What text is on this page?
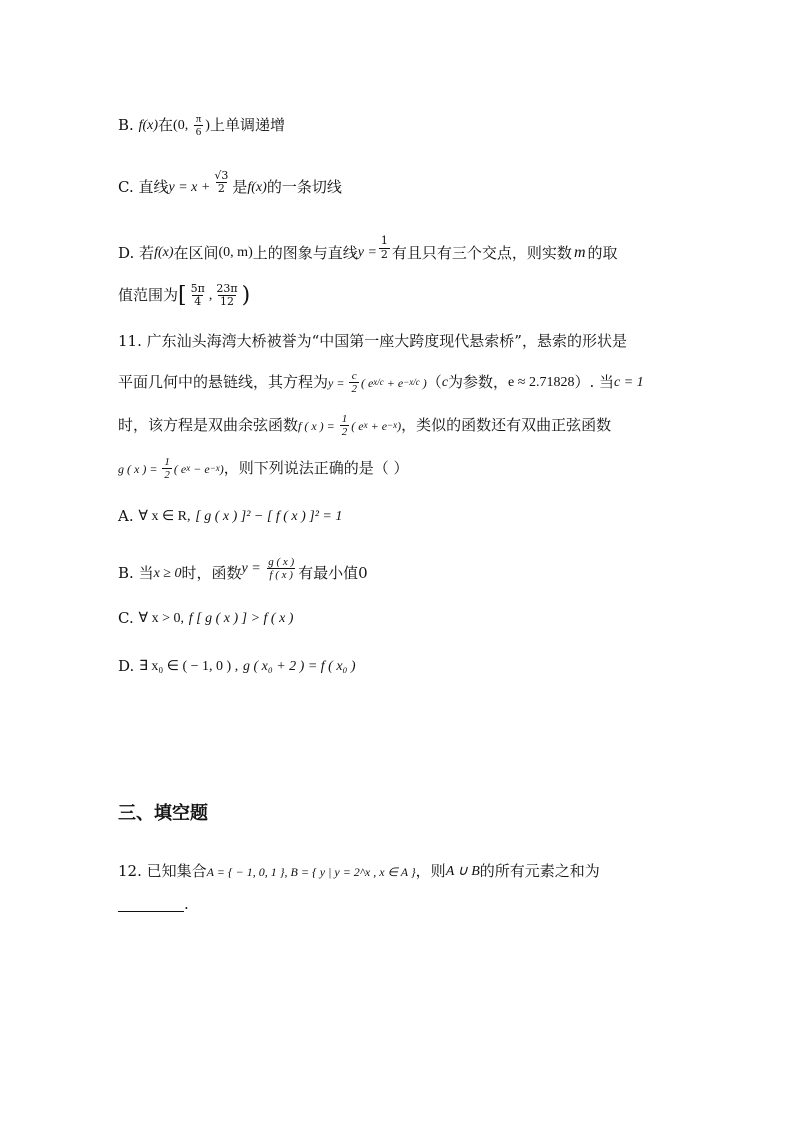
B.
f(x) 在 (0, $\frac{\pi}{6}$ ) 上单调递增
C.
直线 $y = x + \frac{√3}{2}$ 是 f(x) 的一条切线
D.
若 f(x) 在区间 (0, m) 上的图象与直线 $y = \frac{1}{2}$ 有且只有三个交点，则实数 m 的取
值范围为 [ $\frac{5\pi}{4}$ , $\frac{23\pi}{12}$ )
11. 广东汕头海湾大桥被誉为“中国第一座大跨度现代悬索桥”，悬索的形状是
平面几何中的悬链线，其方程为 $y = \frac{c}{2}$ ( e x/c + e −x/c ) （ c 为参数， e ≈ 2.71828 ）. 当 c = 1
时，该方程是双曲余弦函数 f ( x ) = $\frac{1}{2}$ ( e x + e −x ) ，类似的函数还有双曲正弦函数
g ( x ) = $\frac{1}{2}$ ( e x − e −x ) ，则下列说法正确的是（ ）
A.
∀ x ∈ R,
[ g ( x ) ]² − [ f ( x ) ]² = 1
B.
当 x ≥ 0 时，函数 $y = \frac{g ( x )}{f ( x )}$ 有最小值0
C.
∀ x > 0,
f [ g ( x ) ] > f ( x )
D.
∃ x₀ ∈ ( − 1, 0 ) ,
g ( x₀ + 2 ) = f ( x₀ )
三、填空题
12. 已知集合 A = { − 1, 0, 1 }, B = { y | y = 2^x , x ∈ A } ，则 A ∪ B 的所有元素之和为
.
